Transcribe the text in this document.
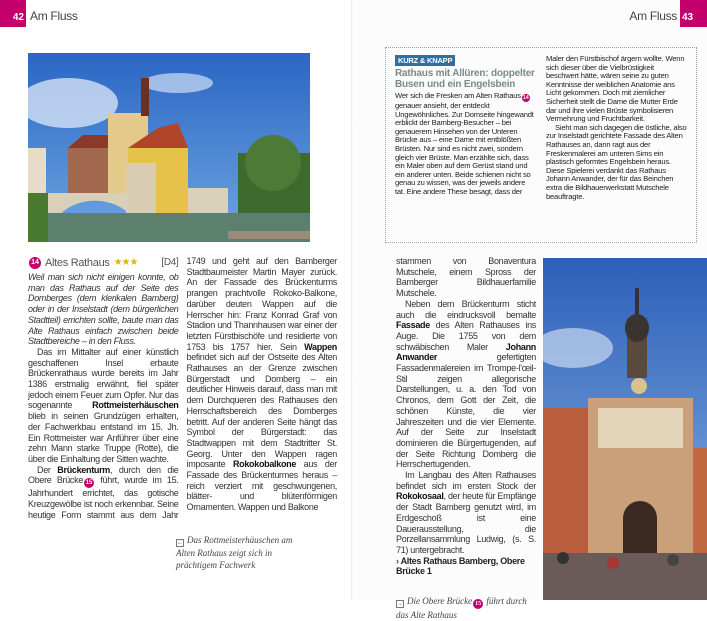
42 Am Fluss
14 Altes Rathaus ★★★ [D4]

Weil man sich nicht einigen konnte, ob man das Rathaus auf der Seite des Domberges (dem klerikalen Bamberg) oder in der Inselstadt (dem bürgerlichen Stadtteil) errichten sollte, baute man das Alte Rathaus einfach zwischen beide Stadtbereiche – in den Fluss.

Das im Mittalter auf einer künstlich geschaffenen Insel erbaute Brückenrathaus wurde bereits im Jahr 1386 erstmalig erwähnt, fiel später jedoch einem Feuer zum Opfer. Nur das sogenannte Rottmeisterhäuschen blieb in seinen Grundzügen erhalten, der Fachwerkbau entstand im 15. Jh. Ein Rottmeister war Anführer über eine zehn Mann starke Truppe (Rotte), die über die Einhaltung der Sitten wachte.

Der Brückenturm, durch den die Obere Brücke 15 führt, wurde im 15. Jahrhundert errichtet, das gotische Kreuzgewölbe ist noch erkennbar. Seine heutige Form stammt aus dem Jahr 1749 und geht auf den Bamberger Stadtbaumeister Martin Mayer zurück. An der Fassade des Brückenturms prangen prachtvolle Rokoko-Balkone, darüber deuten Wappen auf die Herrscher hin: Franz Konrad Graf von Stadion und Thannhausen war einer der letzten Fürstbischöfe und residierte von 1753 bis 1757 hier. Sein Wappen befindet sich auf der Ostseite des Alten Rathauses an der Grenze zwischen Bürgerstadt und Domberg – ein deutlicher Hinweis darauf, dass man mit dem Durchqueren des Rathauses den Herrschaftsbereich des Domberges betritt. Auf der anderen Seite hängt das Symbol der Bürgerstadt: das Stadtwappen mit dem Stadtritter St. Georg. Unter den Wappen ragen imposante Rokokobalkone aus der Fassade des Brückenturmes heraus – reich verziert mit geschwungenen, blätter- und blütenförmigen Ornamenten. Wappen und Balkone

← Das Rottmeisterhäuschen am Alten Rathaus zeigt sich in prächtigem Fachwerk
Am Fluss 43
KURZ & KNAPP
Rathaus mit Allüren: doppelter Busen und ein Engelsbein

Wer sich die Fresken am Alten Rathaus 14 genauer ansieht, der entdeckt Ungewöhnliches. Zur Domseite hingewandt erblickt der Bamberg-Besucher – bei genauerem Hinsehen von der Unteren Brücke aus – eine Dame mit entblößten Brüsten. Nur sind es nicht zwei, sondern gleich vier Brüste. Man erzählte sich, dass ein Maler oben auf dem Gerüst stand und ein anderer unten. Beide schienen nicht so genau zu wissen, was der jeweils andere tat. Eine andere These besagt, dass der Maler den Fürstbischof ärgern wollte. Wenn sich dieser über die Vielbrüstigkeit beschwert hätte, wären seine zu guten Kenntnisse der weiblichen Anatomie ans Licht gekommen. Doch mit ziemlicher Sicherheit stellt die Dame die Mutter Erde dar und ihre vielen Brüste symbolisieren Vermehrung und Fruchtbarkeit.

Sieht man sich dagegen die östliche, also zur Inselstadt gerichtete Fassade des Alten Rathauses an, dann ragt aus der Freskenmalerei am unteren Sims ein plastisch geformtes Engelsbein heraus. Diese Spielerei verdankt das Rathaus Johann Anwander, der für das Beinchen extra die Bildhauerwerkstatt Mutschele beauftragte.

stammen von Bonaventura Mutschele, einem Spross der Bamberger Bildhauerfamilie Mutschele.

Neben dem Brückenturm sticht auch die eindrucksvoll bemalte Fassade des Alten Rathauses ins Auge. Die 1755 von dem schwäbischen Maler Johann Anwander gefertigten Fassadenmalereien im Trompe-l'œil-Stil zeigen allegorische Darstellungen, u. a. den Tod von Chronos, dem Gott der Zeit, die schönen Künste, die vier Jahreszeiten und die vier Elemente. Auf der Seite zur Inselstadt dominieren die Bürgertugenden, auf der Seite Richtung Domberg die Herrschertugenden.

Im Langbau des Alten Rathauses befindet sich im ersten Stock der Rokokosaal, der heute für Empfänge der Stadt Bamberg genutzt wird, im Erdgeschoß ist eine Dauerausstellung, die Porzellansammlung Ludwig, (s. S. 71) untergebracht.

› Altes Rathaus Bamberg, Obere Brücke 1
→ Die Obere Brücke 15 führt durch das Alte Rathaus
